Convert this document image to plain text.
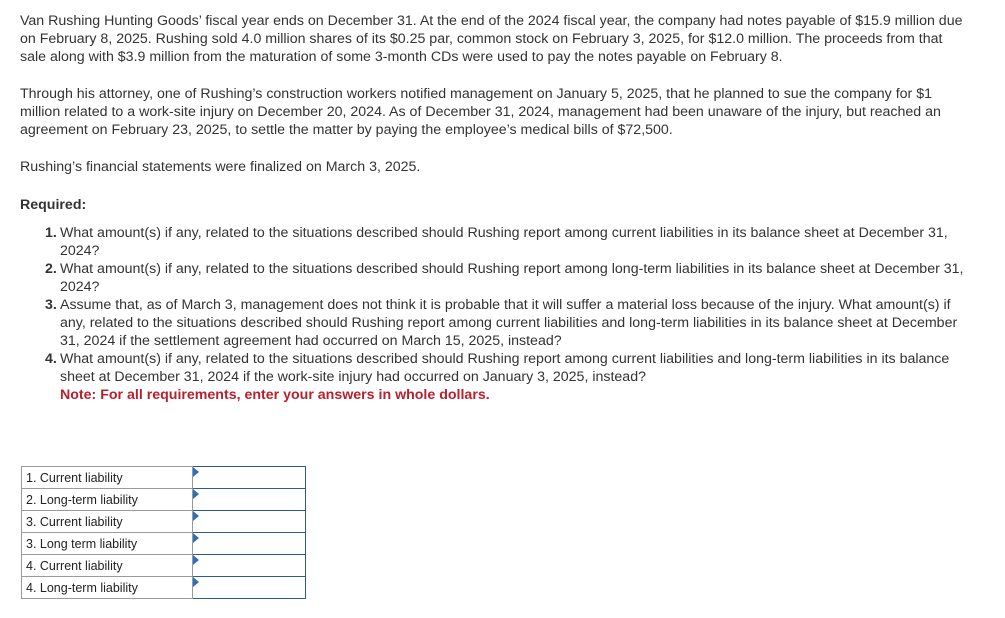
Van Rushing Hunting Goods’ fiscal year ends on December 31. At the end of the 2024 fiscal year, the company had notes payable of $15.9 million due on February 8, 2025. Rushing sold 4.0 million shares of its $0.25 par, common stock on February 3, 2025, for $12.0 million. The proceeds from that sale along with $3.9 million from the maturation of some 3-month CDs were used to pay the notes payable on February 8.

Through his attorney, one of Rushing’s construction workers notified management on January 5, 2025, that he planned to sue the company for $1 million related to a work-site injury on December 20, 2024. As of December 31, 2024, management had been unaware of the injury, but reached an agreement on February 23, 2025, to settle the matter by paying the employee’s medical bills of $72,500.

Rushing’s financial statements were finalized on March 3, 2025.

Required:

1. What amount(s) if any, related to the situations described should Rushing report among current liabilities in its balance sheet at December 31, 2024?
2. What amount(s) if any, related to the situations described should Rushing report among long-term liabilities in its balance sheet at December 31, 2024?
3. Assume that, as of March 3, management does not think it is probable that it will suffer a material loss because of the injury. What amount(s) if any, related to the situations described should Rushing report among current liabilities and long-term liabilities in its balance sheet at December 31, 2024 if the settlement agreement had occurred on March 15, 2025, instead?
4. What amount(s) if any, related to the situations described should Rushing report among current liabilities and long-term liabilities in its balance sheet at December 31, 2024 if the work-site injury had occurred on January 3, 2025, instead?

Note: For all requirements, enter your answers in whole dollars.

1. Current liability	

2. Long-term liability	

3. Current liability	

3. Long term liability	

4. Current liability	

4. Long-term liability	
